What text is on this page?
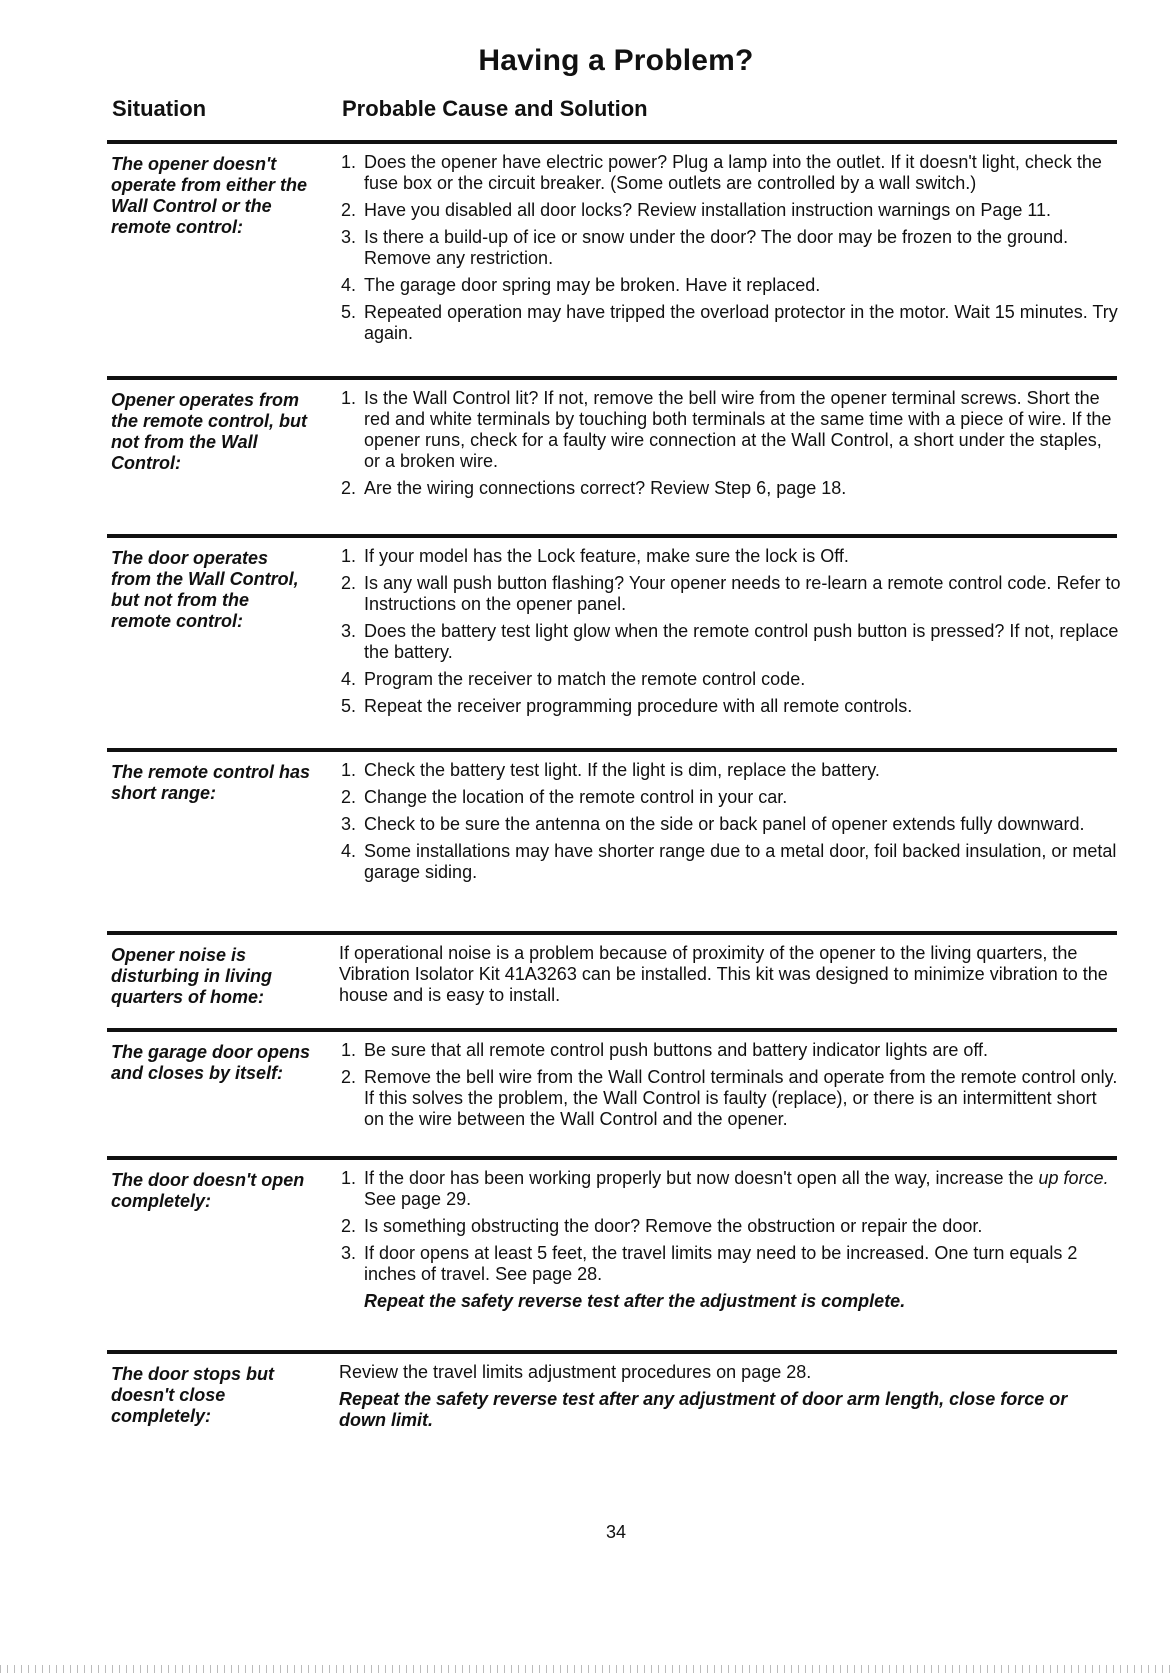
Having a Problem?
Situation	Probable Cause and Solution
The opener doesn't operate from either the Wall Control or the remote control:
1. Does the opener have electric power? Plug a lamp into the outlet. If it doesn't light, check the fuse box or the circuit breaker. (Some outlets are controlled by a wall switch.)
2. Have you disabled all door locks? Review installation instruction warnings on Page 11.
3. Is there a build-up of ice or snow under the door? The door may be frozen to the ground. Remove any restriction.
4. The garage door spring may be broken. Have it replaced.
5. Repeated operation may have tripped the overload protector in the motor. Wait 15 minutes. Try again.
Opener operates from the remote control, but not from the Wall Control:
1. Is the Wall Control lit? If not, remove the bell wire from the opener terminal screws. Short the red and white terminals by touching both terminals at the same time with a piece of wire. If the opener runs, check for a faulty wire connection at the Wall Control, a short under the staples, or a broken wire.
2. Are the wiring connections correct? Review Step 6, page 18.
The door operates from the Wall Control, but not from the remote control:
1. If your model has the Lock feature, make sure the lock is Off.
2. Is any wall push button flashing? Your opener needs to re-learn a remote control code. Refer to Instructions on the opener panel.
3. Does the battery test light glow when the remote control push button is pressed? If not, replace the battery.
4. Program the receiver to match the remote control code.
5. Repeat the receiver programming procedure with all remote controls.
The remote control has short range:
1. Check the battery test light. If the light is dim, replace the battery.
2. Change the location of the remote control in your car.
3. Check to be sure the antenna on the side or back panel of opener extends fully downward.
4. Some installations may have shorter range due to a metal door, foil backed insulation, or metal garage siding.
Opener noise is disturbing in living quarters of home:

If operational noise is a problem because of proximity of the opener to the living quarters, the Vibration Isolator Kit 41A3263 can be installed. This kit was designed to minimize vibration to the house and is easy to install.

The garage door opens and closes by itself:
1. Be sure that all remote control push buttons and battery indicator lights are off.
2. Remove the bell wire from the Wall Control terminals and operate from the remote control only. If this solves the problem, the Wall Control is faulty (replace), or there is an intermittent short on the wire between the Wall Control and the opener.
The door doesn't open completely:
1. If the door has been working properly but now doesn't open all the way, increase the up force. See page 29.
2. Is something obstructing the door? Remove the obstruction or repair the door.
3. If door opens at least 5 feet, the travel limits may need to be increased. One turn equals 2 inches of travel. See page 28.
Repeat the safety reverse test after the adjustment is complete.
The door stops but doesn't close completely:

Review the travel limits adjustment procedures on page 28.

Repeat the safety reverse test after any adjustment of door arm length, close force or down limit.

34
